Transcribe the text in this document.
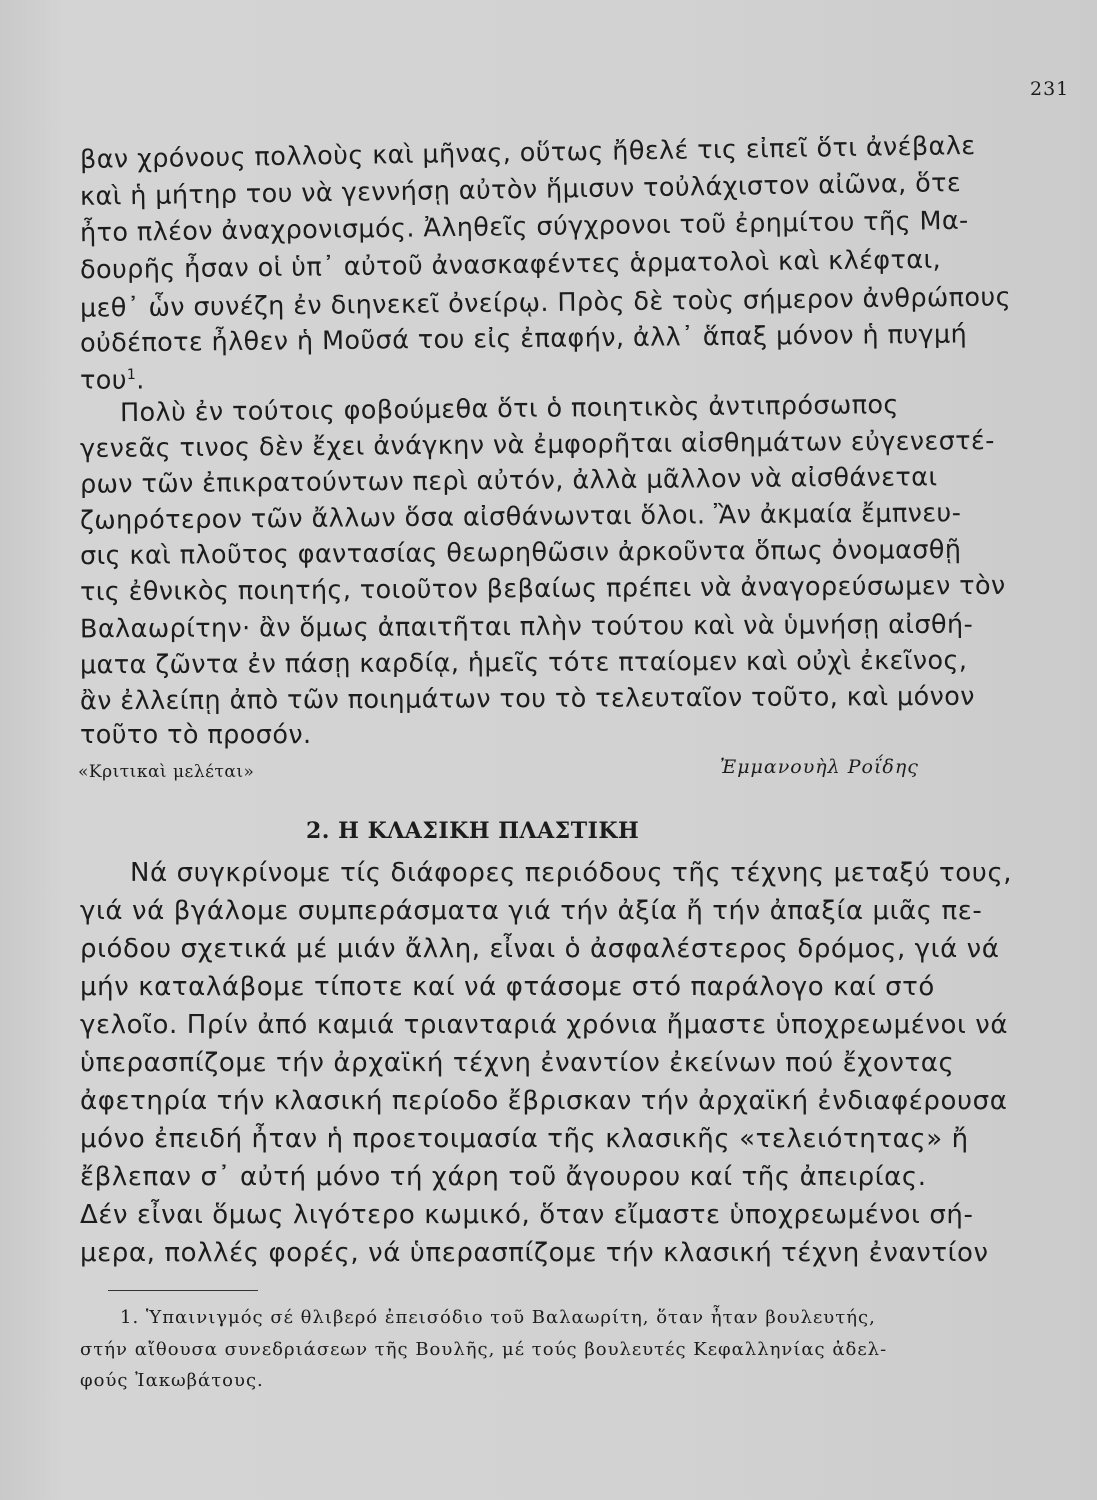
231
βαν χρόνους πολλοὺς καὶ μῆνας, οὕτως ἤθελέ τις εἰπεῖ ὅτι ἀνέβαλε
καὶ ἡ μήτηρ του νὰ γεννήσῃ αὐτὸν ἥμισυν τοὐλάχιστον αἰῶνα, ὅτε
ἦτο πλέον ἀναχρονισμός. Ἀληθεῖς σύγχρονοι τοῦ ἐρημίτου τῆς Μα-
δουρῆς ἦσαν οἱ ὑπ᾽ αὐτοῦ ἀνασκαφέντες ἁρματολοὶ καὶ κλέφται,
μεθ᾽ ὧν συνέζη ἐν διηνεκεῖ ὀνείρῳ. Πρὸς δὲ τοὺς σήμερον ἀνθρώπους
οὐδέποτε ἦλθεν ἡ Μοῦσά του εἰς ἐπαφήν, ἀλλ᾽ ἅπαξ μόνον ἡ πυγμή
του$^1$.
Πολὺ ἐν τούτοις φοβούμεθα ὅτι ὁ ποιητικὸς ἀντιπρόσωπος
γενεᾶς τινος δὲν ἔχει ἀνάγκην νὰ ἐμφορῆται αἰσθημάτων εὐγενεστέ-
ρων τῶν ἐπικρατούντων περὶ αὐτόν, ἀλλὰ μᾶλλον νὰ αἰσθάνεται
ζωηρότερον τῶν ἄλλων ὅσα αἰσθάνωνται ὅλοι. Ἂν ἀκμαία ἔμπνευ-
σις καὶ πλοῦτος φαντασίας θεωρηθῶσιν ἀρκοῦντα ὅπως ὀνομασθῇ
τις ἐθνικὸς ποιητής, τοιοῦτον βεβαίως πρέπει νὰ ἀναγορεύσωμεν τὸν
Βαλαωρίτην· ἂν ὅμως ἀπαιτῆται πλὴν τούτου καὶ νὰ ὑμνήσῃ αἰσθή-
ματα ζῶντα ἐν πάσῃ καρδίᾳ, ἡμεῖς τότε πταίομεν καὶ οὐχὶ ἐκεῖνος,
ἂν ἐλλείπῃ ἀπὸ τῶν ποιημάτων του τὸ τελευταῖον τοῦτο, καὶ μόνον
τοῦτο τὸ προσόν.
«Κριτικαὶ μελέται»	Ἐμμανουὴλ Ροΐδης
2. Η ΚΛΑΣΙΚΗ ΠΛΑΣΤΙΚΗ
Νά συγκρίνομε τίς διάφορες περιόδους τῆς τέχνης μεταξύ τους,
γιά νά βγάλομε συμπεράσματα γιά τήν ἀξία ἤ τήν ἀπαξία μιᾶς πε-
ριόδου σχετικά μέ μιάν ἄλλη, εἶναι ὁ ἀσφαλέστερος δρόμος, γιά νά
μήν καταλάβομε τίποτε καί νά φτάσομε στό παράλογο καί στό
γελοῖο. Πρίν ἀπό καμιά τριανταριά χρόνια ἤμαστε ὑποχρεωμένοι νά
ὑπερασπίζομε τήν ἀρχαϊκή τέχνη ἐναντίον ἐκείνων πού ἔχοντας
ἀφετηρία τήν κλασική περίοδο ἔβρισκαν τήν ἀρχαϊκή ἐνδιαφέρουσα
μόνο ἐπειδή ἦταν ἡ προετοιμασία τῆς κλασικῆς «τελειότητας» ἤ
ἔβλεπαν σ᾽ αὐτή μόνο τή χάρη τοῦ ἄγουρου καί τῆς ἀπειρίας.
Δέν εἶναι ὅμως λιγότερο κωμικό, ὅταν εἴμαστε ὑποχρεωμένοι σή-
μερα, πολλές φορές, νά ὑπερασπίζομε τήν κλασική τέχνη ἐναντίον
1. Ὑπαινιγμός σέ θλιβερό ἐπεισόδιο τοῦ Βαλαωρίτη, ὅταν ἦταν βουλευτής,
στήν αἴθουσα συνεδριάσεων τῆς Βουλῆς, μέ τούς βουλευτές Κεφαλληνίας ἀδελ-
φούς Ἰακωβάτους.
